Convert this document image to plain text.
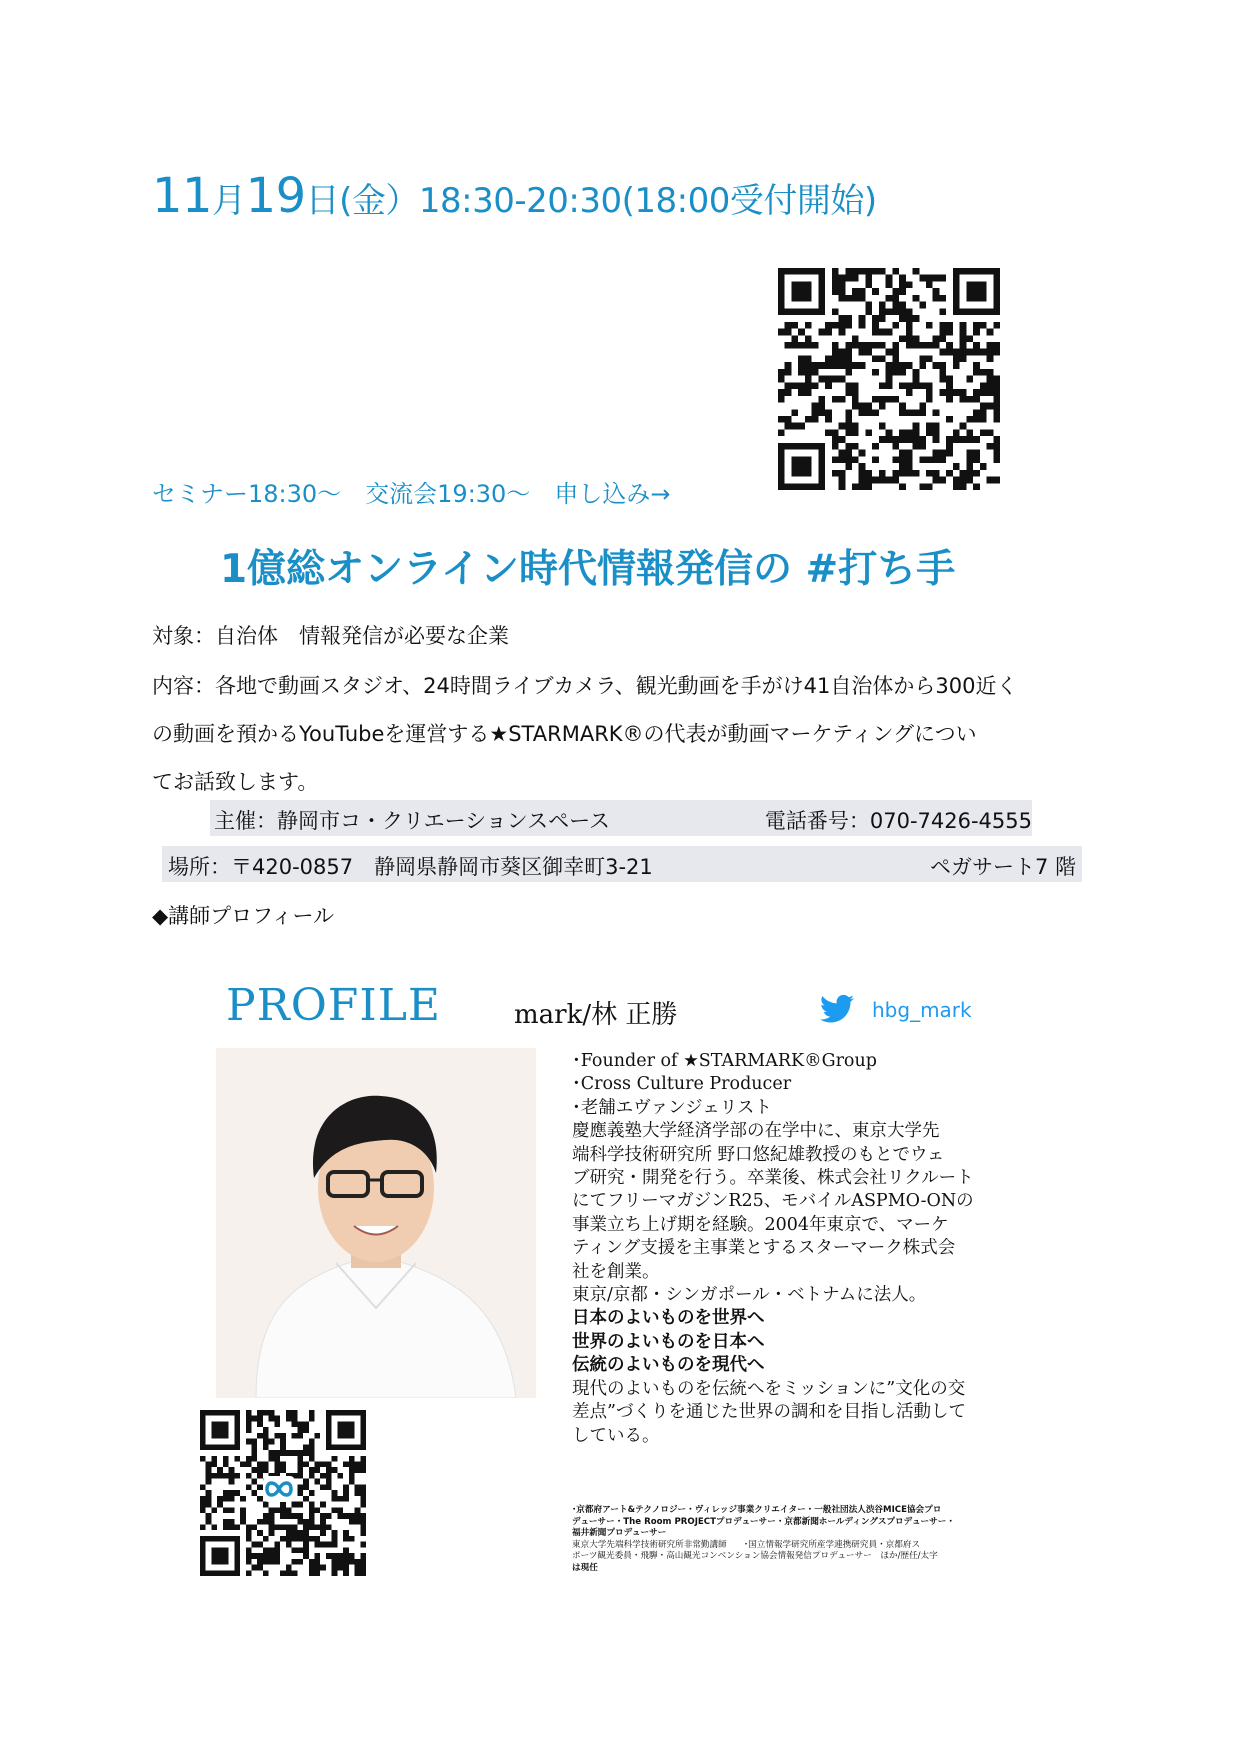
11月19日(金）18:30-20:30(18:00受付開始)
セミナー18:30～　交流会19:30～　申し込み→
1億総オンライン時代情報発信の #打ち手
対象：自治体　情報発信が必要な企業
内容：各地で動画スタジオ、24時間ライブカメラ、観光動画を手がけ41自治体から300近く
の動画を預かるYouTubeを運営する★STARMARK®の代表が動画マーケティングについ
てお話致します。
主催：静岡市コ・クリエーションスペース	電話番号：070-7426-4555
場所：〒420-0857　静岡県静岡市葵区御幸町3-21	ペガサート7 階
◆講師プロフィール
PROFILE	mark/林 正勝	hbg_mark
･Founder of ★STARMARK®Group
･Cross Culture Producer
･老舗エヴァンジェリスト
慶應義塾大学経済学部の在学中に、東京大学先
端科学技術研究所 野口悠紀雄教授のもとでウェ
ブ研究・開発を行う。卒業後、株式会社リクルート
にてフリーマガジンR25、モバイルASPMO-ONの
事業立ち上げ期を経験。2004年東京で、マーケ
ティング支援を主事業とするスターマーク株式会
社を創業。
東京/京都・シンガポール・ベトナムに法人。
日本のよいものを世界へ
世界のよいものを日本へ
伝統のよいものを現代へ
現代のよいものを伝統へをミッションに”文化の交
差点”づくりを通じた世界の調和を目指し活動して
している。
･京都府アート&テクノロジー・ヴィレッジ事業クリエイター・一般社団法人渋谷MICE協会プロ
デューサー・The Room PROJECTプロデューサー・京都新聞ホールディングスプロデューサー・
福井新聞プロデューサー
東京大学先端科学技術研究所非常勤講師　　･国立情報学研究所産学連携研究員・京都府ス
ポーツ観光委員・飛騨・高山観光コンベンション協会情報発信プロデューサー　ほか/歴任/太字
は現任
